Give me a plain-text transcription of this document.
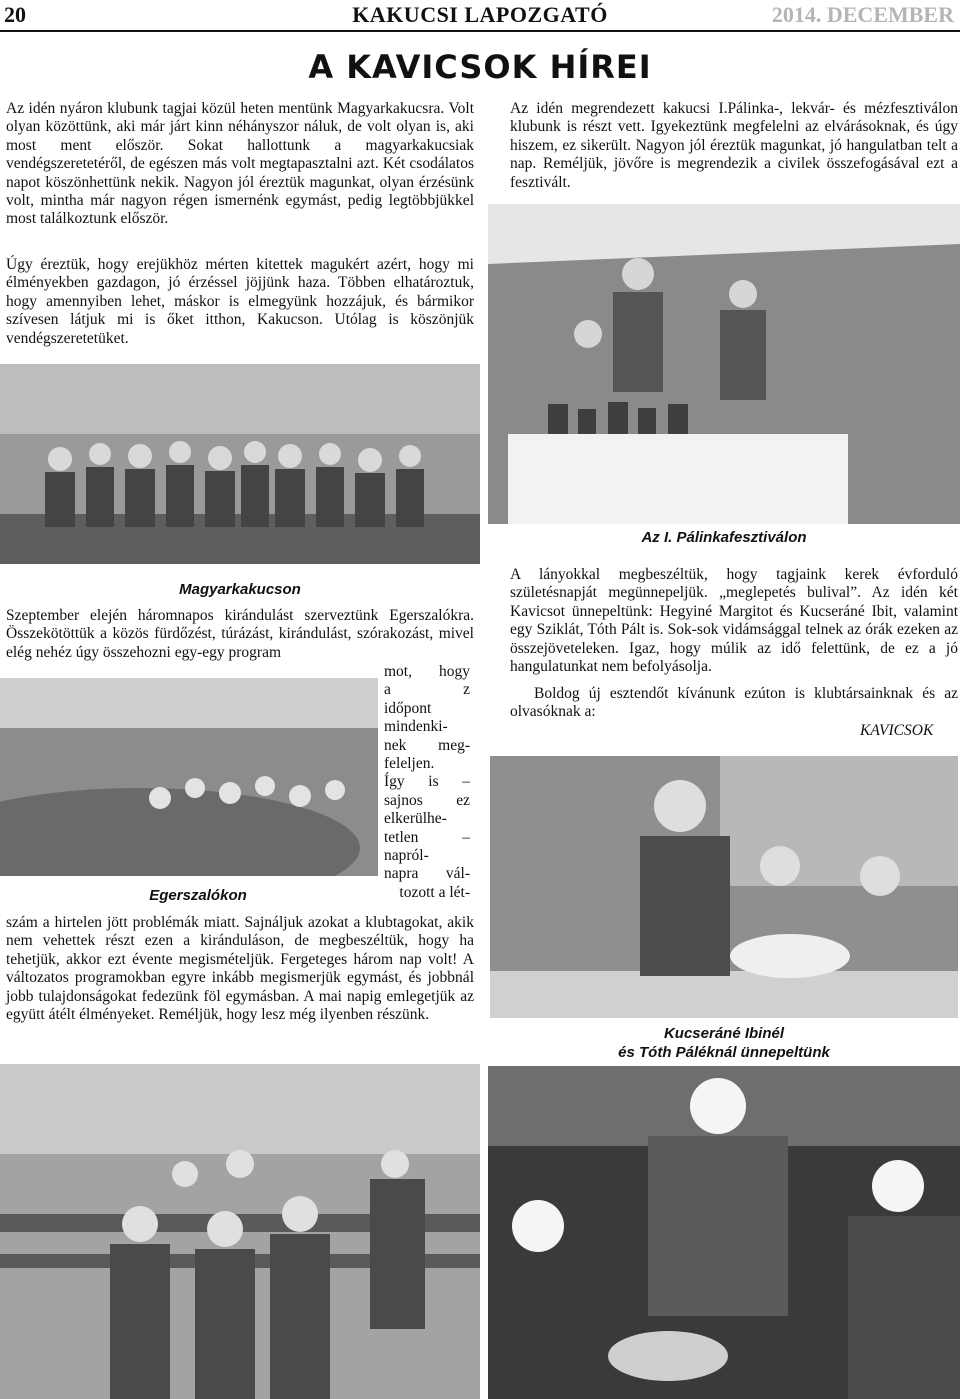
20	KAKUCSI LAPOZGATÓ	2014. DECEMBER
A KAVICSOK HÍREI

Az idén nyáron klubunk tagjai közül heten mentünk Magyarkakucsra. Volt olyan közöttünk, aki már járt kinn néhányszor náluk, de volt olyan is, aki most ment először. Sokat hallottunk a magyarkakucsiak vendégszeretetéről, de egészen más volt megtapasztalni azt. Két csodálatos napot köszönhettünk nekik. Nagyon jól éreztük magunkat, olyan érzésünk volt, mintha már nagyon régen ismernénk egymást, pedig legtöbbjükkel most találkoztunk először.

Úgy éreztük, hogy erejükhöz mérten kitettek magukért azért, hogy mi élményekben gazdagon, jó érzéssel jöjjünk haza. Többen elhatároztuk, hogy amennyiben lehet, máskor is elmegyünk hozzájuk, és bármikor szívesen látjuk mi is őket itthon, Kakucson. Utólag is köszönjük vendégszeretetüket.

Magyarkakucson

Szeptember elején háromnapos kirándulást szerveztünk Egerszalókra. Összekötöttük a közös fürdőzést, túrázást, kirándulást, szórakozást, mivel elég nehéz úgy összehozni egy-egy program

Egerszalókon
mot, hogy
a z
időpont
mindenki-
nek meg-
feleljen.
Így is –
sajnos ez
elkerülhe-
tetlen –
napról-
napra vál-
tozott a lét-

szám a hirtelen jött problémák miatt. Sajnáljuk azokat a klubtagokat, akik nem vehettek részt ezen a kiránduláson, de megbeszéltük, hogy ha tehetjük, akkor ezt évente megismételjük. Fergeteges három nap volt! A változatos programokban egyre inkább megismerjük egymást, és jobbnál jobb tulajdonságokat fedezünk föl egymásban. A mai napig emlegetjük az együtt átélt élményeket. Reméljük, hogy lesz még ilyenben részünk.

Az idén megrendezett kakucsi I.Pálinka-, lekvár- és mézfesztiválon klubunk is részt vett. Igyekeztünk megfelelni az elvárásoknak, és úgy hiszem, ez sikerült. Nagyon jól éreztük magunkat, jó hangulatban telt a nap. Reméljük, jövőre is megrendezik a civilek összefogásával ezt a fesztivált.

Az I. Pálinkafesztiválon

A lányokkal megbeszéltük, hogy tagjaink kerek évforduló születésnapját megünnepeljük. „meglepetés bulival”. Az idén két Kavicsot ünnepeltünk: Hegyiné Margitot és Kucseráné Ibit, valamint egy Sziklát, Tóth Pált is. Sok-sok vidámsággal telnek az órák ezeken az összejöveteleken. Igaz, hogy múlik az idő felettünk, de ez a jó hangulatunkat nem befolyásolja.

Boldog új esztendőt kívánunk ezúton is klubtársainknak és az olvasóknak a:

KAVICSOK
Kucseráné Ibinél
és Tóth Páléknál ünnepeltünk
